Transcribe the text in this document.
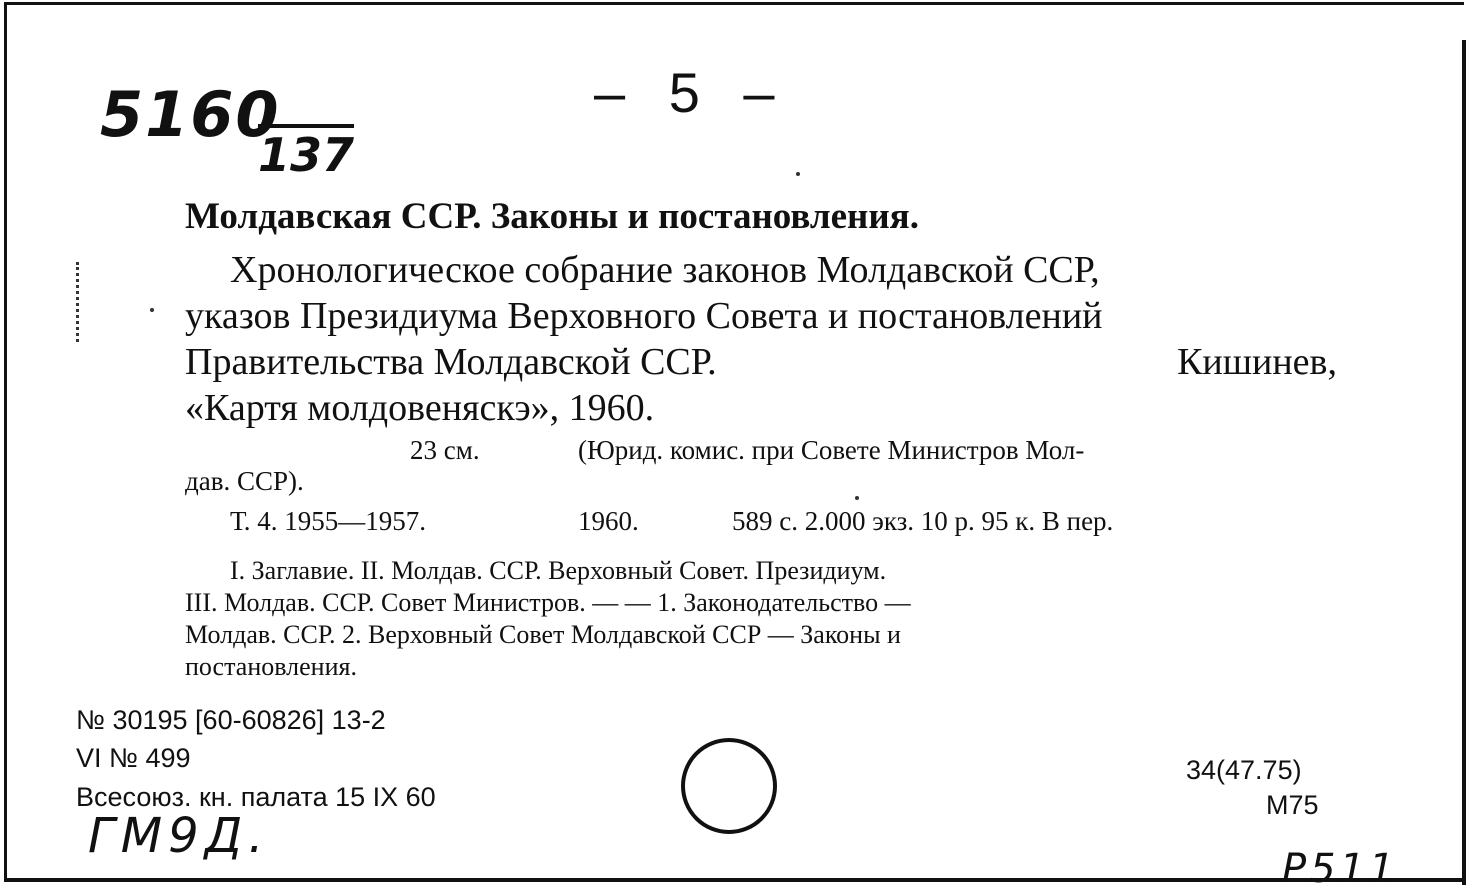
5160
137
– 5 –
Молдавская ССР. Законы и постановления.
Хронологическое собрание законов Молдавской ССР,
указов Президиума Верховного Совета и постановлений
Правительства Молдавской ССР.	Кишинев,
«Картя молдовеняскэ», 1960.
23 см.	(Юрид. комис. при Совете Министров Мол-
дав. ССР).
Т. 4. 1955—1957.	1960.	589 с. 2.000 экз. 10 р. 95 к. В пер.
I. Заглавие. II. Молдав. ССР. Верховный Совет. Президиум.
III. Молдав. ССР. Совет Министров. — — 1. Законодательство —
Молдав. ССР. 2. Верховный Совет Молдавской ССР — Законы и
постановления.
№ 30195 [60-60826] 13-2
VI № 499
Всесоюз. кн. палата 15 IX 60
34(47.75)
М75
ГМ9Д.
Р511
